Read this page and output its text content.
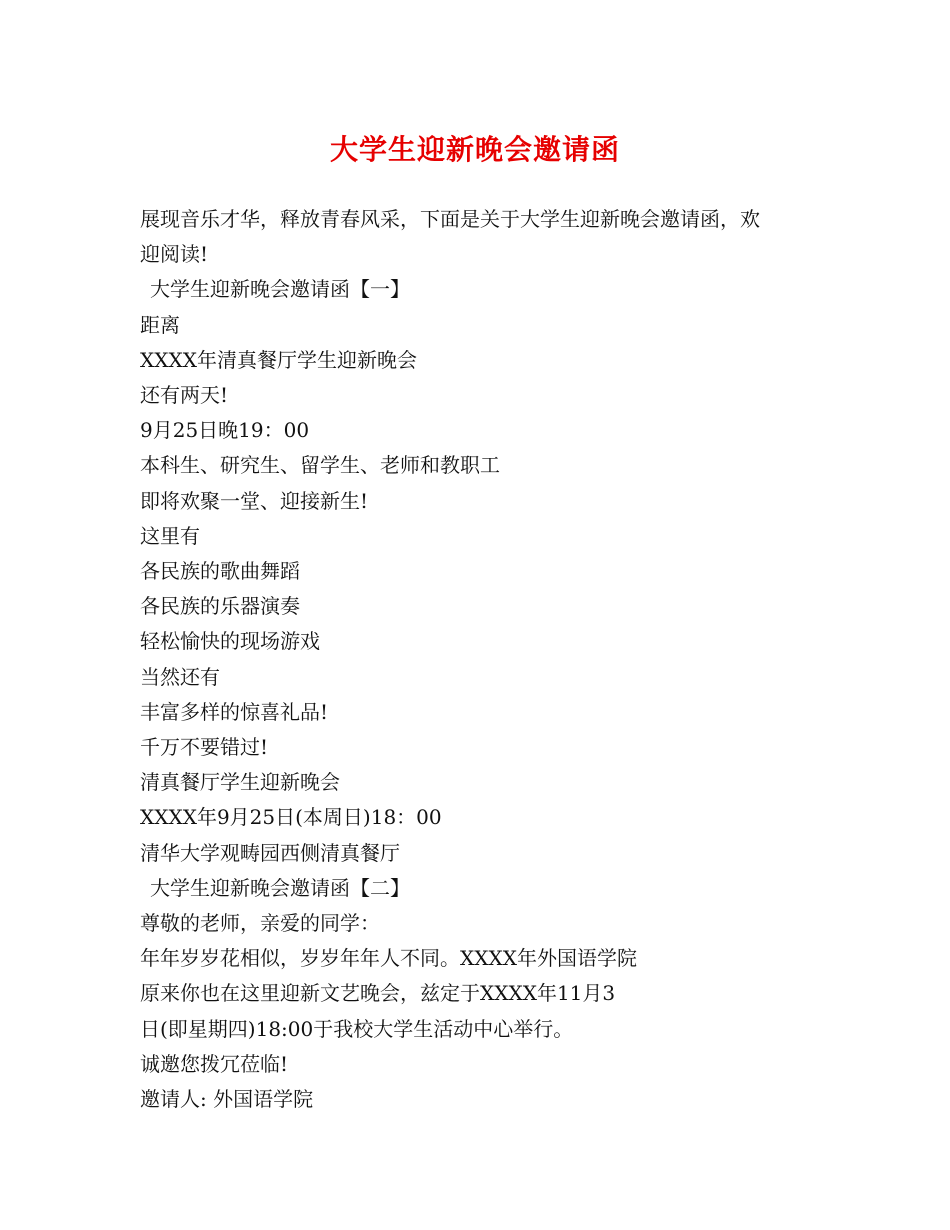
大学生迎新晚会邀请函
展现音乐才华，释放青春风采，下面是关于大学生迎新晚会邀请函，欢
迎阅读!
大学生迎新晚会邀请函【一】
距离
XXXX年清真餐厅学生迎新晚会
还有两天!
9月25日晚19：00
本科生、研究生、留学生、老师和教职工
即将欢聚一堂、迎接新生!
这里有
各民族的歌曲舞蹈
各民族的乐器演奏
轻松愉快的现场游戏
当然还有
丰富多样的惊喜礼品!
千万不要错过!
清真餐厅学生迎新晚会
XXXX年9月25日(本周日)18：00
清华大学观畴园西侧清真餐厅
大学生迎新晚会邀请函【二】
尊敬的老师，亲爱的同学：
年年岁岁花相似，岁岁年年人不同。XXXX年外国语学院
原来你也在这里迎新文艺晚会，兹定于XXXX年11月3
日(即星期四)18:00于我校大学生活动中心举行。
诚邀您拨冗莅临!
邀请人: 外国语学院
